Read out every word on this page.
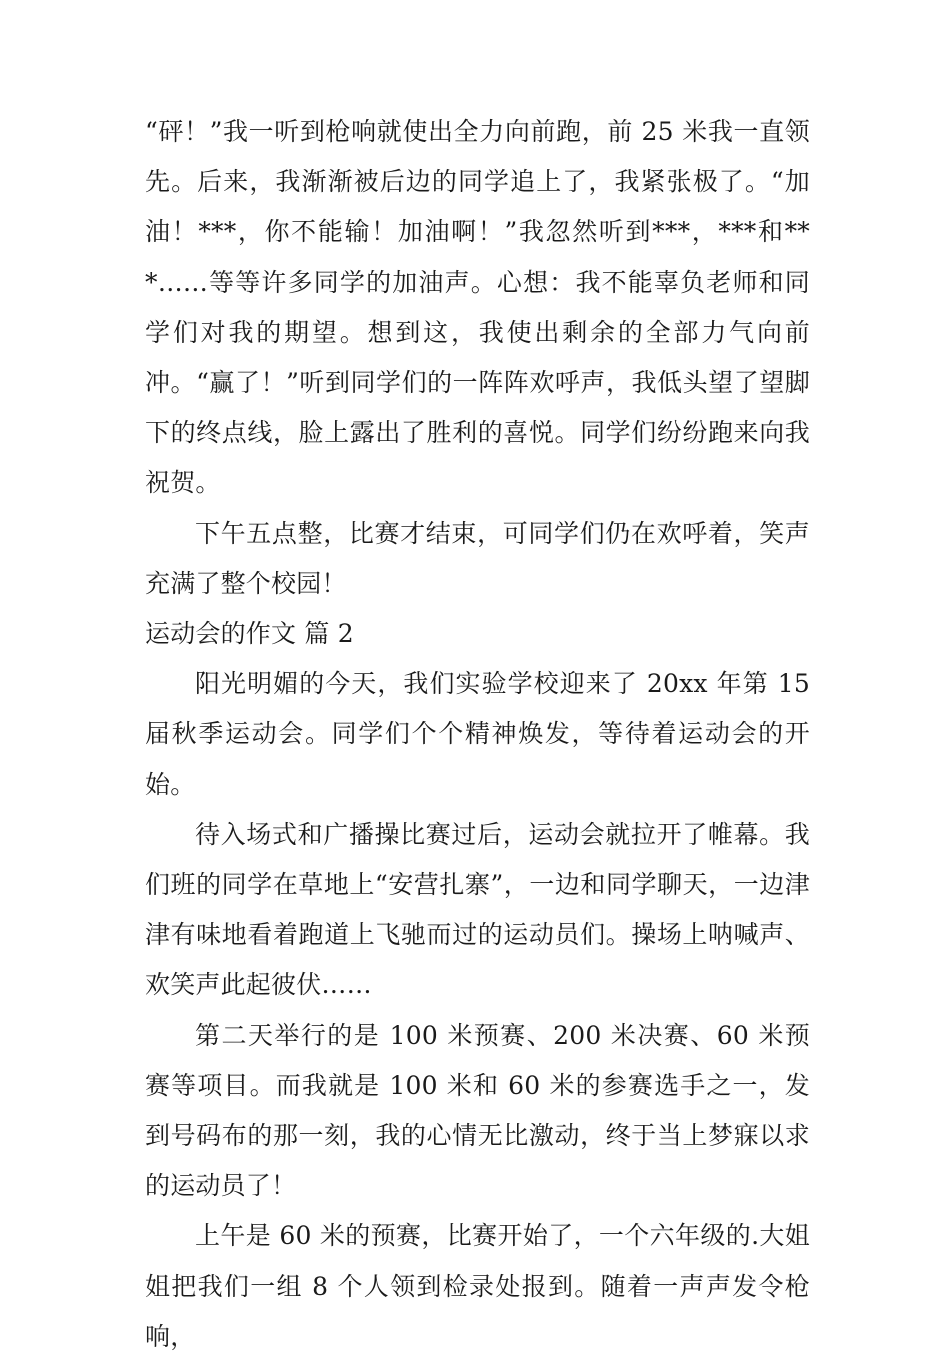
“砰！”我一听到枪响就使出全力向前跑，前 25 米我一直领先。后来，我渐渐被后边的同学追上了，我紧张极了。“加油！***，你不能输！加油啊！”我忽然听到***，***和***……等等许多同学的加油声。心想：我不能辜负老师和同学们对我的期望。想到这，我使出剩余的全部力气向前冲。“赢了！”听到同学们的一阵阵欢呼声，我低头望了望脚下的终点线，脸上露出了胜利的喜悦。同学们纷纷跑来向我祝贺。

下午五点整，比赛才结束，可同学们仍在欢呼着，笑声充满了整个校园！

运动会的作文 篇 2

阳光明媚的今天，我们实验学校迎来了 20xx 年第 15 届秋季运动会。同学们个个精神焕发，等待着运动会的开始。

待入场式和广播操比赛过后，运动会就拉开了帷幕。我们班的同学在草地上“安营扎寨”，一边和同学聊天，一边津津有味地看着跑道上飞驰而过的运动员们。操场上呐喊声、欢笑声此起彼伏……

第二天举行的是 100 米预赛、200 米决赛、60 米预赛等项目。而我就是 100 米和 60 米的参赛选手之一，发到号码布的那一刻，我的心情无比激动，终于当上梦寐以求的运动员了！

上午是 60 米的预赛，比赛开始了，一个六年级的.大姐姐把我们一组 8 个人领到检录处报到。随着一声声发令枪响，
